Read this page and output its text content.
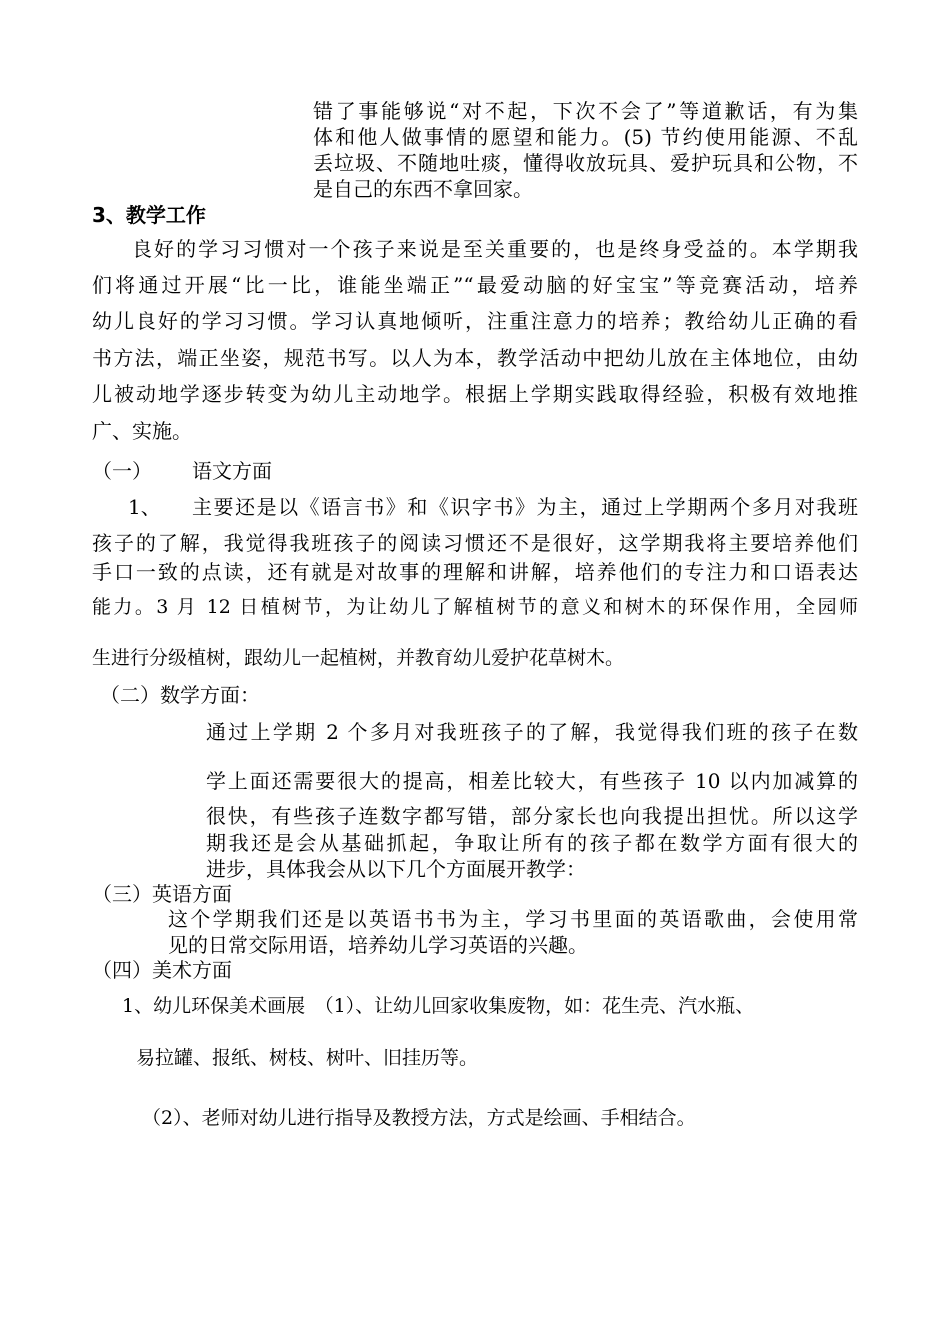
错了事能够说“对不起，下次不会了”等道歉话，有为集
体和他人做事情的愿望和能力。(5) 节约使用能源、不乱
丢垃圾、不随地吐痰，懂得收放玩具、爱护玩具和公物，不
是自己的东西不拿回家。
3、教学工作
良好的学习习惯对一个孩子来说是至关重要的，也是终身受益的。本学期我
们将通过开展“比一比，谁能坐端正”“最爱动脑的好宝宝”等竞赛活动，培养
幼儿良好的学习习惯。学习认真地倾听，注重注意力的培养；教给幼儿正确的看
书方法，端正坐姿，规范书写。以人为本，教学活动中把幼儿放在主体地位，由幼
儿被动地学逐步转变为幼儿主动地学。根据上学期实践取得经验，积极有效地推
广、实施。
（一） 语文方面
1、 主要还是以《语言书》和《识字书》为主，通过上学期两个多月对我班
孩子的了解，我觉得我班孩子的阅读习惯还不是很好，这学期我将主要培养他们
手口一致的点读，还有就是对故事的理解和讲解，培养他们的专注力和口语表达
能力。3 月 12 日植树节，为让幼儿了解植树节的意义和树木的环保作用，全园师
生进行分级植树，跟幼儿一起植树，并教育幼儿爱护花草树木。
（二）数学方面：
通过上学期 2 个多月对我班孩子的了解，我觉得我们班的孩子在数
学上面还需要很大的提高，相差比较大，有些孩子 10 以内加减算的
很快，有些孩子连数字都写错，部分家长也向我提出担忧。所以这学
期我还是会从基础抓起，争取让所有的孩子都在数学方面有很大的
进步，具体我会从以下几个方面展开教学：
（三）英语方面
这个学期我们还是以英语书书为主，学习书里面的英语歌曲，会使用常
见的日常交际用语，培养幼儿学习英语的兴趣。
（四）美术方面
1、幼儿环保美术画展　（1）、让幼儿回家收集废物，如：花生壳、汽水瓶、
易拉罐、报纸、树枝、树叶、旧挂历等。
（2）、老师对幼儿进行指导及教授方法，方式是绘画、手相结合。
